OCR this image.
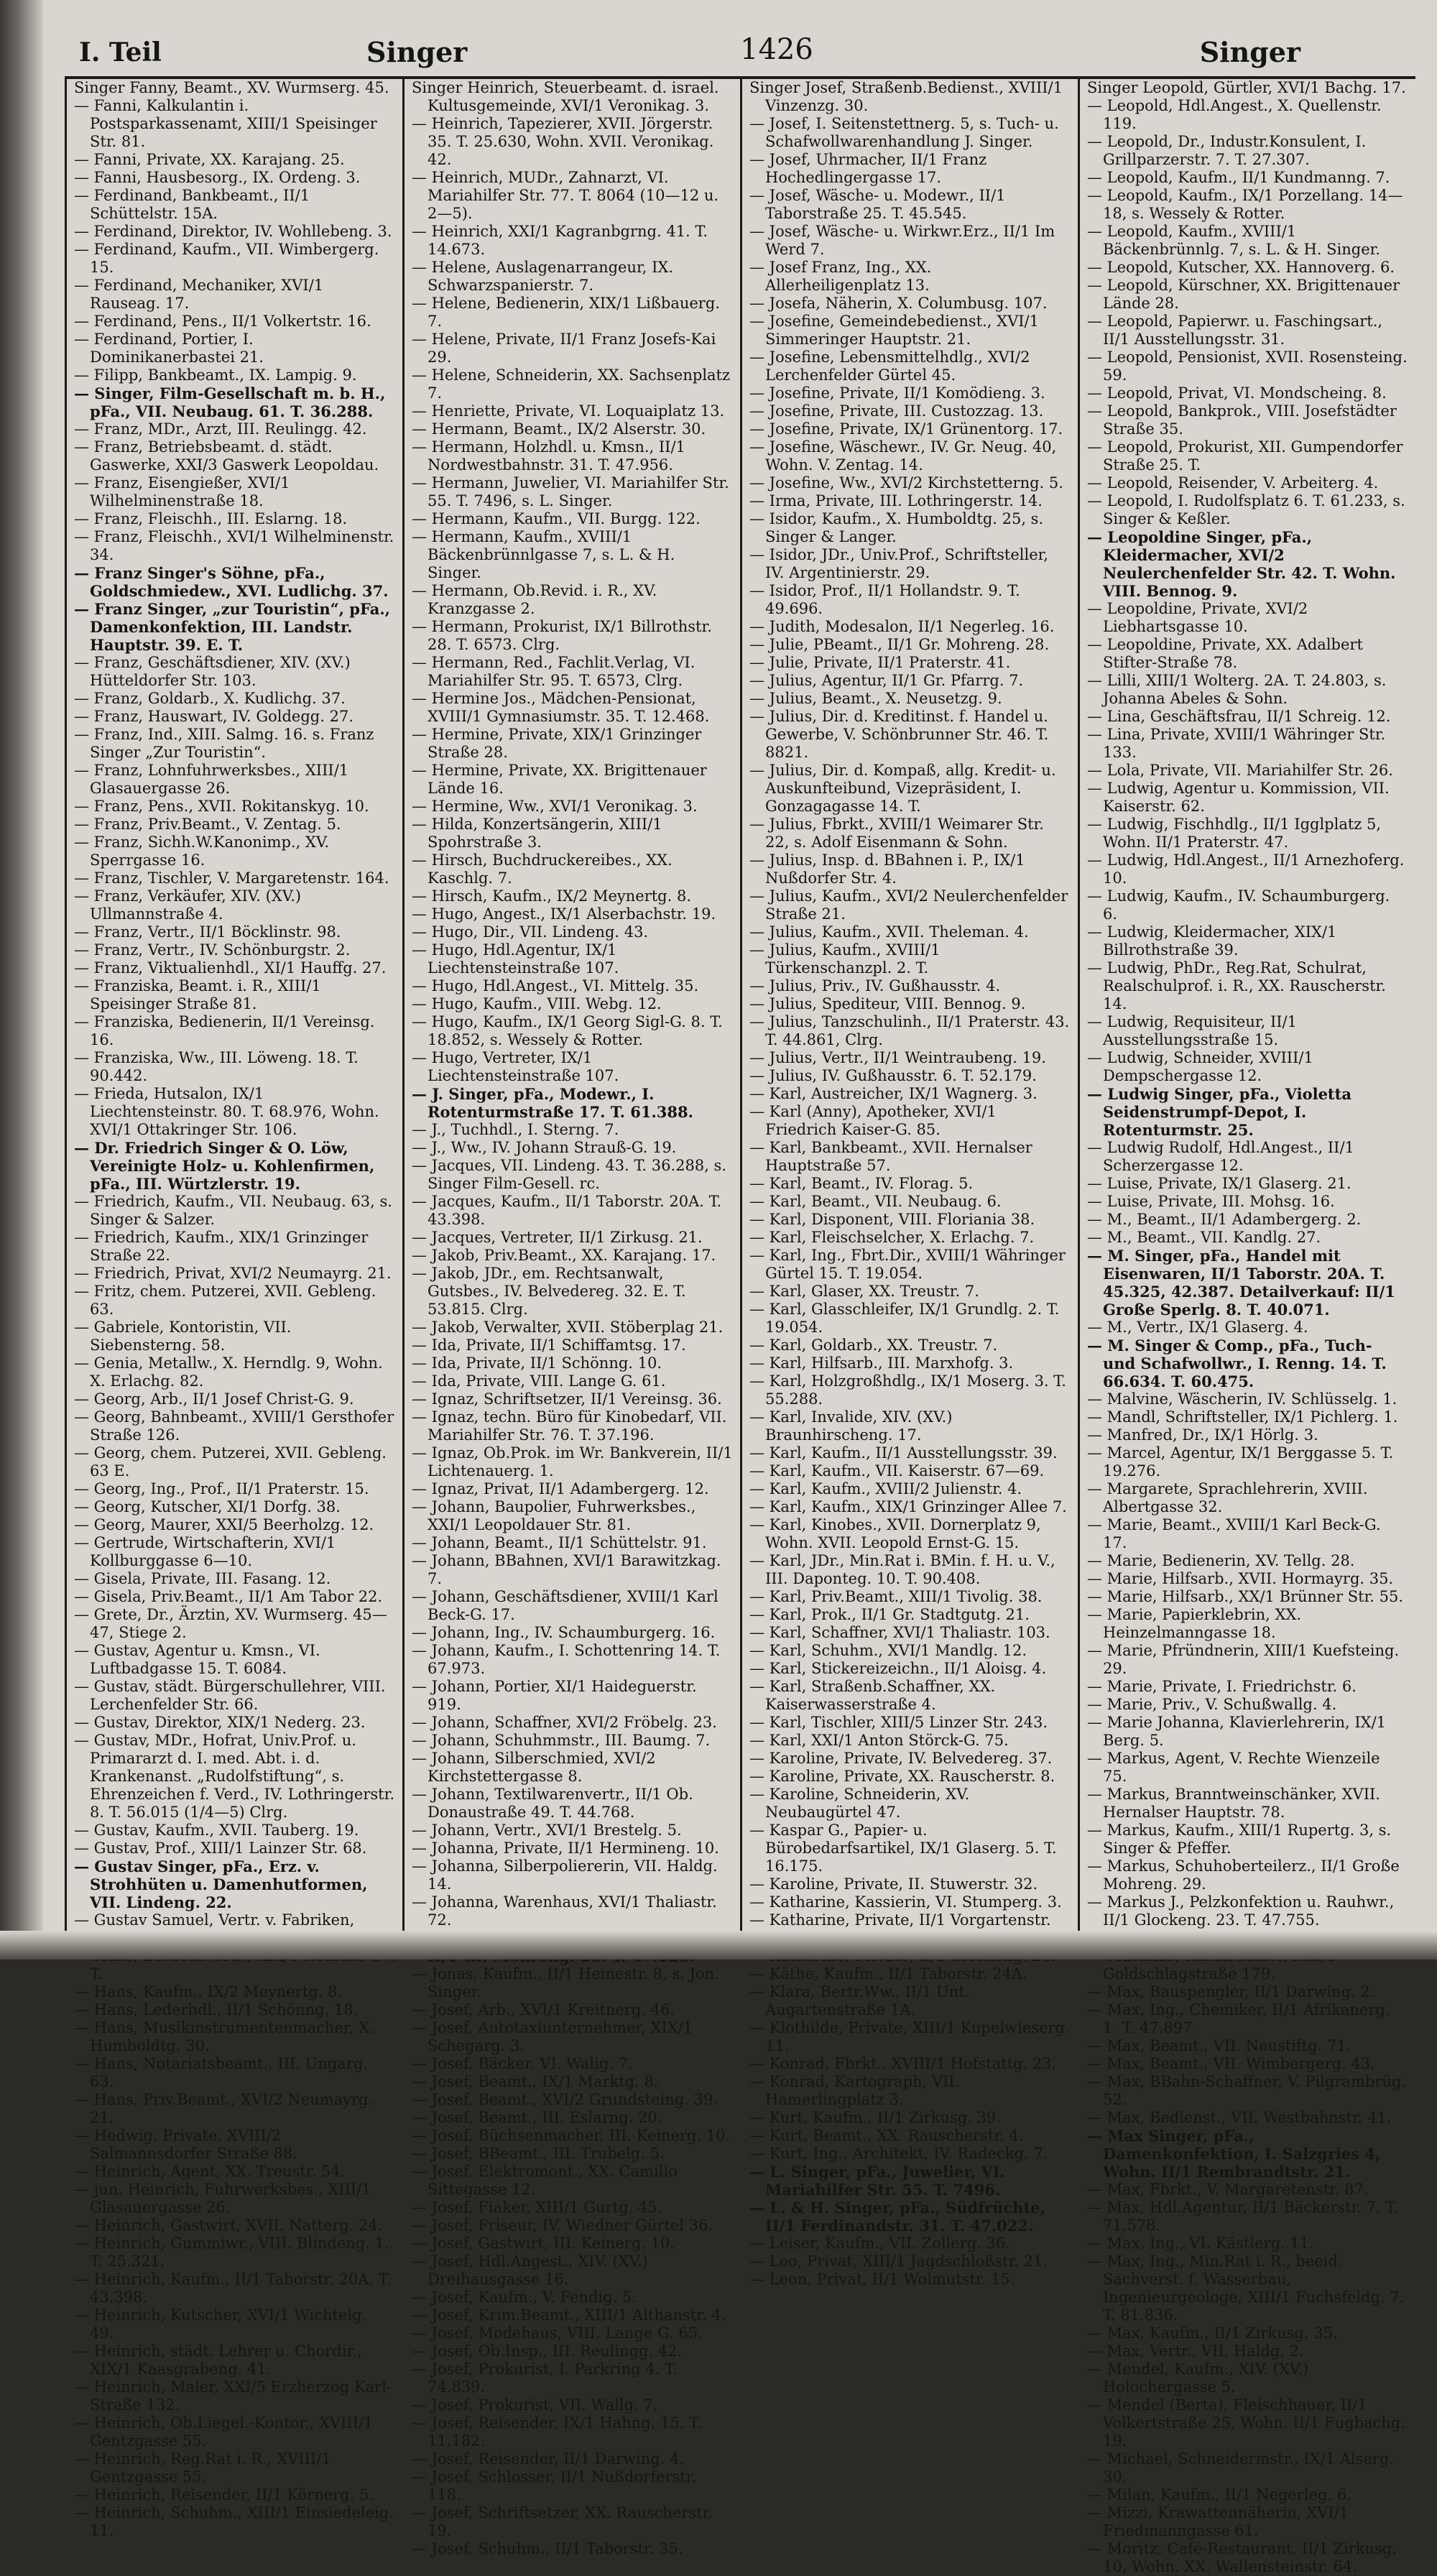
I. Teil	Singer	1426	Singer

Singer Fanny, Beamt., XV. Wurmserg. 45.

— Fanni, Kalkulantin i. Postsparkassenamt, XIII/1 Speisinger Str. 81.

— Fanni, Private, XX. Karajang. 25.

— Fanni, Hausbesorg., IX. Ordeng. 3.

— Ferdinand, Bankbeamt., II/1 Schüttelstr. 15A.

— Ferdinand, Direktor, IV. Wohllebeng. 3.

— Ferdinand, Kaufm., VII. Wimbergerg. 15.

— Ferdinand, Mechaniker, XVI/1 Rauseag. 17.

— Ferdinand, Pens., II/1 Volkertstr. 16.

— Ferdinand, Portier, I. Dominikanerbastei 21.

— Filipp, Bankbeamt., IX. Lampig. 9.

— Singer, Film-Gesellschaft m. b. H., pFa., VII. Neubaug. 61. T. 36.288.

— Franz, MDr., Arzt, III. Reulingg. 42.

— Franz, Betriebsbeamt. d. städt. Gaswerke, XXI/3 Gaswerk Leopoldau.

— Franz, Eisengießer, XVI/1 Wilhelminenstraße 18.

— Franz, Fleischh., III. Eslarng. 18.

— Franz, Fleischh., XVI/1 Wilhelminenstr. 34.

— Franz Singer's Söhne, pFa., Goldschmiedew., XVI. Ludlichg. 37.

— Franz Singer, „zur Touristin“, pFa., Damenkonfektion, III. Landstr. Hauptstr. 39. E. T.

— Franz, Geschäftsdiener, XIV. (XV.) Hütteldorfer Str. 103.

— Franz, Goldarb., X. Kudlichg. 37.

— Franz, Hauswart, IV. Goldegg. 27.

— Franz, Ind., XIII. Salmg. 16. s. Franz Singer „Zur Touristin“.

— Franz, Lohnfuhrwerksbes., XIII/1 Glasauergasse 26.

— Franz, Pens., XVII. Rokitanskyg. 10.

— Franz, Priv.Beamt., V. Zentag. 5.

— Franz, Sichh.W.Kanonimp., XV. Sperrgasse 16.

— Franz, Tischler, V. Margaretenstr. 164.

— Franz, Verkäufer, XIV. (XV.) Ullmannstraße 4.

— Franz, Vertr., II/1 Böcklinstr. 98.

— Franz, Vertr., IV. Schönburgstr. 2.

— Franz, Viktualienhdl., XI/1 Hauffg. 27.

— Franziska, Beamt. i. R., XIII/1 Speisinger Straße 81.

— Franziska, Bedienerin, II/1 Vereinsg. 16.

— Franziska, Ww., III. Löweng. 18. T. 90.442.

— Frieda, Hutsalon, IX/1 Liechtensteinstr. 80. T. 68.976, Wohn. XVI/1 Ottakringer Str. 106.

— Dr. Friedrich Singer & O. Löw, Vereinigte Holz- u. Kohlenfirmen, pFa., III. Würtzlerstr. 19.

— Friedrich, Kaufm., VII. Neubaug. 63, s. Singer & Salzer.

— Friedrich, Kaufm., XIX/1 Grinzinger Straße 22.

— Friedrich, Privat, XVI/2 Neumayrg. 21.

— Fritz, chem. Putzerei, XVII. Gebleng. 63.

— Gabriele, Kontoristin, VII. Siebensterng. 58.

— Genia, Metallw., X. Herndlg. 9, Wohn. X. Erlachg. 82.

— Georg, Arb., II/1 Josef Christ-G. 9.

— Georg, Bahnbeamt., XVIII/1 Gersthofer Straße 126.

— Georg, chem. Putzerei, XVII. Gebleng. 63 E.

— Georg, Ing., Prof., II/1 Praterstr. 15.

— Georg, Kutscher, XI/1 Dorfg. 38.

— Georg, Maurer, XXI/5 Beerholzg. 12.

— Gertrude, Wirtschafterin, XVI/1 Kollburggasse 6—10.

— Gisela, Private, III. Fasang. 12.

— Gisela, Priv.Beamt., II/1 Am Tabor 22.

— Grete, Dr., Ärztin, XV. Wurmserg. 45—47, Stiege 2.

— Gustav, Agentur u. Kmsn., VI. Luftbadgasse 15. T. 6084.

— Gustav, städt. Bürgerschullehrer, VIII. Lerchenfelder Str. 66.

— Gustav, Direktor, XIX/1 Nederg. 23.

— Gustav, MDr., Hofrat, Univ.Prof. u. Primararzt d. I. med. Abt. i. d. Krankenanst. „Rudolfstiftung“, s. Ehrenzeichen f. Verd., IV. Lothringerstr. 8. T. 56.015 (1/4—5) Clrg.

— Gustav, Kaufm., XVII. Tauberg. 19.

— Gustav, Prof., XIII/1 Lainzer Str. 68.

— Gustav Singer, pFa., Erz. v. Strohhüten u. Damenhutformen, VII. Lindeng. 22.

— Gustav Samuel, Vertr. v. Fabriken,

T.

— Hans, Kaufm., IX/2 Meynertg. 8.

— Hans, Lederhdl., II/1 Schönng. 18.

— Hans, Musikinstrumentenmacher, X. Humboldtg. 30.

— Hans, Notariatsbeamt., III. Ungarg. 63.

— Hans, Priv.Beamt., XVI/2 Neumayrg. 21.

— Hedwig, Private, XVIII/2 Salmannsdorfer Straße 88.

— Heinrich, Agent, XX. Treustr. 54.

— jun. Heinrich, Fuhrwerksbes., XIII/1 Glasauergasse 26.

— Heinrich, Gastwirt, XVII. Natterg. 24.

— Heinrich, Gummiwr., VIII. Blindeng. 1. T. 25.321.

— Heinrich, Kaufm., II/1 Taborstr. 20A. T. 43.398.

— Heinrich, Kutscher, XVI/1 Wichtelg. 49.

— Heinrich, städt. Lehrer u. Chordir., XIX/1 Kaasgrabeng. 41.

— Heinrich, Maler, XXI/5 Erzherzog Karl-Straße 132.

— Heinrich, Ob.Liegel.-Kontor., XVIII/1 Gentzgasse 55.

— Heinrich, Reg.Rat i. R., XVIII/1 Gentzgasse 55.

— Heinrich, Reisender, II/1 Körnerg. 5.

— Heinrich, Schuhm., XIII/1 Einsiedeleig. 11.

Singer Heinrich, Steuerbeamt. d. israel. Kultusgemeinde, XVI/1 Veronikag. 3.

— Heinrich, Tapezierer, XVII. Jörgerstr. 35. T. 25.630, Wohn. XVII. Veronikag. 42.

— Heinrich, MUDr., Zahnarzt, VI. Mariahilfer Str. 77. T. 8064 (10—12 u. 2—5).

— Heinrich, XXI/1 Kagranbgrng. 41. T. 14.673.

— Helene, Auslagenarrangeur, IX. Schwarzspanierstr. 7.

— Helene, Bedienerin, XIX/1 Lißbauerg. 7.

— Helene, Private, II/1 Franz Josefs-Kai 29.

— Helene, Schneiderin, XX. Sachsenplatz 7.

— Henriette, Private, VI. Loquaiplatz 13.

— Hermann, Beamt., IX/2 Alserstr. 30.

— Hermann, Holzhdl. u. Kmsn., II/1 Nordwestbahnstr. 31. T. 47.956.

— Hermann, Juwelier, VI. Mariahilfer Str. 55. T. 7496, s. L. Singer.

— Hermann, Kaufm., VII. Burgg. 122.

— Hermann, Kaufm., XVIII/1 Bäckenbrünnlgasse 7, s. L. & H. Singer.

— Hermann, Ob.Revid. i. R., XV. Kranzgasse 2.

— Hermann, Prokurist, IX/1 Billrothstr. 28. T. 6573. Clrg.

— Hermann, Red., Fachlit.Verlag, VI. Mariahilfer Str. 95. T. 6573, Clrg.

— Hermine Jos., Mädchen-Pensionat, XVIII/1 Gymnasiumstr. 35. T. 12.468.

— Hermine, Private, XIX/1 Grinzinger Straße 28.

— Hermine, Private, XX. Brigittenauer Lände 16.

— Hermine, Ww., XVI/1 Veronikag. 3.

— Hilda, Konzertsängerin, XIII/1 Spohrstraße 3.

— Hirsch, Buchdruckereibes., XX. Kaschlg. 7.

— Hirsch, Kaufm., IX/2 Meynertg. 8.

— Hugo, Angest., IX/1 Alserbachstr. 19.

— Hugo, Dir., VII. Lindeng. 43.

— Hugo, Hdl.Agentur, IX/1 Liechtensteinstraße 107.

— Hugo, Hdl.Angest., VI. Mittelg. 35.

— Hugo, Kaufm., VIII. Webg. 12.

— Hugo, Kaufm., IX/1 Georg Sigl-G. 8. T. 18.852, s. Wessely & Rotter.

— Hugo, Vertreter, IX/1 Liechtensteinstraße 107.

— J. Singer, pFa., Modewr., I. Rotenturmstraße 17. T. 61.388.

— J., Tuchhdl., I. Sterng. 7.

— J., Ww., IV. Johann Strauß-G. 19.

— Jacques, VII. Lindeng. 43. T. 36.288, s. Singer Film-Gesell. rc.

— Jacques, Kaufm., II/1 Taborstr. 20A. T. 43.398.

— Jacques, Vertreter, II/1 Zirkusg. 21.

— Jakob, Priv.Beamt., XX. Karajang. 17.

— Jakob, JDr., em. Rechtsanwalt, Gutsbes., IV. Belvedereg. 32. E. T. 53.815. Clrg.

— Jakob, Verwalter, XVII. Stöberplag 21.

— Ida, Private, II/1 Schiffamtsg. 17.

— Ida, Private, II/1 Schönng. 10.

— Ida, Private, VIII. Lange G. 61.

— Ignaz, Schriftsetzer, II/1 Vereinsg. 36.

— Ignaz, techn. Büro für Kinobedarf, VII. Mariahilfer Str. 76. T. 37.196.

— Ignaz, Ob.Prok. im Wr. Bankverein, II/1 Lichtenauerg. 1.

— Ignaz, Privat, II/1 Adambergerg. 12.

— Johann, Baupolier, Fuhrwerksbes., XXI/1 Leopoldauer Str. 81.

— Johann, Beamt., II/1 Schüttelstr. 91.

— Johann, BBahnen, XVI/1 Barawitzkag. 7.

— Johann, Geschäftsdiener, XVIII/1 Karl Beck-G. 17.

— Johann, Ing., IV. Schaumburgerg. 16.

— Johann, Kaufm., I. Schottenring 14. T. 67.973.

— Johann, Portier, XI/1 Haideguerstr. 919.

— Johann, Schaffner, XVI/2 Fröbelg. 23.

— Johann, Schuhmmstr., III. Baumg. 7.

— Johann, Silberschmied, XVI/2 Kirchstettergasse 8.

— Johann, Textilwarenvertr., II/1 Ob. Donaustraße 49. T. 44.768.

— Johann, Vertr., XVI/1 Brestelg. 5.

— Johanna, Private, II/1 Hermineng. 10.

— Johanna, Silberpoliererin, VII. Haldg. 14.

— Johanna, Warenhaus, XVI/1 Thaliastr. 72.

— Jonas, Kaufm., II/1 Heinestr. 8, s. Jon. Singer.

— Josef, Arb., XVI/1 Kreitnerg. 46.

— Josef, Autotaxiunternehmer, XIX/1 Schegarg. 3.

— Josef, Bäcker, VI. Walig. 7.

— Josef, Beamt., IX/1 Marktg. 8.

— Josef, Beamt., XVI/2 Grundsteing. 39.

— Josef, Beamt., III. Eslarng. 20.

— Josef, Büchsenmacher, III. Keinerg. 10.

— Josef, BBeamt., III. Trubelg. 5.

— Josef, Elektromont., XX. Camillo Sittegasse 12.

— Josef, Fiaker, XIII/1 Gurtg. 45.

— Josef, Friseur, IV. Wiedner Gürtel 36.

— Josef, Gastwirt, III. Keinerg. 10.

— Josef, Hdl.Angest., XIV. (XV.) Dreihausgasse 16.

— Josef, Kaufm., V. Fendig. 5.

— Josef, Krim.Beamt., XIII/1 Althanstr. 4.

— Josef, Modehaus, VIII. Lange G. 65.

— Josef, Ob.Insp., III. Reulingg. 42.

— Josef, Prokurist, I. Parkring 4. T. 74.839.

— Josef, Prokurist, VII. Wallg. 7.

— Josef, Reisender, IX/1 Hahng. 15. T. 11.182.

— Josef, Reisender, II/1 Darwing. 4.

— Josef, Schlosser, II/1 Nußdorferstr. 118.

— Josef, Schriftsetzer, XX. Rauscherstr. 19.

— Josef, Schuhm., II/1 Taborstr. 35.

Singer Josef, Straßenb.Bedienst., XVIII/1 Vinzenzg. 30.

— Josef, I. Seitenstettnerg. 5, s. Tuch- u. Schafwollwarenhandlung J. Singer.

— Josef, Uhrmacher, II/1 Franz Hochedlingergasse 17.

— Josef, Wäsche- u. Modewr., II/1 Taborstraße 25. T. 45.545.

— Josef, Wäsche- u. Wirkwr.Erz., II/1 Im Werd 7.

— Josef Franz, Ing., XX. Allerheiligenplatz 13.

— Josefa, Näherin, X. Columbusg. 107.

— Josefine, Gemeindebedienst., XVI/1 Simmeringer Hauptstr. 21.

— Josefine, Lebensmittelhdlg., XVI/2 Lerchenfelder Gürtel 45.

— Josefine, Private, II/1 Komödieng. 3.

— Josefine, Private, III. Custozzag. 13.

— Josefine, Private, IX/1 Grünentorg. 17.

— Josefine, Wäschewr., IV. Gr. Neug. 40, Wohn. V. Zentag. 14.

— Josefine, Ww., XVI/2 Kirchstetterng. 5.

— Irma, Private, III. Lothringerstr. 14.

— Isidor, Kaufm., X. Humboldtg. 25, s. Singer & Langer.

— Isidor, JDr., Univ.Prof., Schriftsteller, IV. Argentinierstr. 29.

— Isidor, Prof., II/1 Hollandstr. 9. T. 49.696.

— Judith, Modesalon, II/1 Negerleg. 16.

— Julie, PBeamt., II/1 Gr. Mohreng. 28.

— Julie, Private, II/1 Praterstr. 41.

— Julius, Agentur, II/1 Gr. Pfarrg. 7.

— Julius, Beamt., X. Neusetzg. 9.

— Julius, Dir. d. Kreditinst. f. Handel u. Gewerbe, V. Schönbrunner Str. 46. T. 8821.

— Julius, Dir. d. Kompaß, allg. Kredit- u. Auskunfteibund, Vizepräsident, I. Gonzagagasse 14. T.

— Julius, Fbrkt., XVIII/1 Weimarer Str. 22, s. Adolf Eisenmann & Sohn.

— Julius, Insp. d. BBahnen i. P., IX/1 Nußdorfer Str. 4.

— Julius, Kaufm., XVI/2 Neulerchenfelder Straße 21.

— Julius, Kaufm., XVII. Theleman. 4.

— Julius, Kaufm., XVIII/1 Türkenschanzpl. 2. T.

— Julius, Priv., IV. Gußhausstr. 4.

— Julius, Spediteur, VIII. Bennog. 9.

— Julius, Tanzschulinh., II/1 Praterstr. 43. T. 44.861, Clrg.

— Julius, Vertr., II/1 Weintraubeng. 19.

— Julius, IV. Gußhausstr. 6. T. 52.179.

— Karl, Austreicher, IX/1 Wagnerg. 3.

— Karl (Anny), Apotheker, XVI/1 Friedrich Kaiser-G. 85.

— Karl, Bankbeamt., XVII. Hernalser Hauptstraße 57.

— Karl, Beamt., IV. Florag. 5.

— Karl, Beamt., VII. Neubaug. 6.

— Karl, Disponent, VIII. Floriania 38.

— Karl, Fleischselcher, X. Erlachg. 7.

— Karl, Ing., Fbrt.Dir., XVIII/1 Währinger Gürtel 15. T. 19.054.

— Karl, Glaser, XX. Treustr. 7.

— Karl, Glasschleifer, IX/1 Grundlg. 2. T. 19.054.

— Karl, Goldarb., XX. Treustr. 7.

— Karl, Hilfsarb., III. Marxhofg. 3.

— Karl, Holzgroßhdlg., IX/1 Moserg. 3. T. 55.288.

— Karl, Invalide, XIV. (XV.) Braunhirscheng. 17.

— Karl, Kaufm., II/1 Ausstellungsstr. 39.

— Karl, Kaufm., VII. Kaiserstr. 67—69.

— Karl, Kaufm., XVIII/2 Julienstr. 4.

— Karl, Kaufm., XIX/1 Grinzinger Allee 7.

— Karl, Kinobes., XVII. Dornerplatz 9, Wohn. XVII. Leopold Ernst-G. 15.

— Karl, JDr., Min.Rat i. BMin. f. H. u. V., III. Daponteg. 10. T. 90.408.

— Karl, Priv.Beamt., XIII/1 Tivolig. 38.

— Karl, Prok., II/1 Gr. Stadtgutg. 21.

— Karl, Schaffner, XVI/1 Thaliastr. 103.

— Karl, Schuhm., XVI/1 Mandlg. 12.

— Karl, Stickereizeichn., II/1 Aloisg. 4.

— Karl, Straßenb.Schaffner, XX. Kaiserwasserstraße 4.

— Karl, Tischler, XIII/5 Linzer Str. 243.

— Karl, XXI/1 Anton Störck-G. 75.

— Karoline, Private, IV. Belvedereg. 37.

— Karoline, Private, XX. Rauscherstr. 8.

— Karoline, Schneiderin, XV. Neubaugürtel 47.

— Kaspar G., Papier- u. Bürobedarfsartikel, IX/1 Glaserg. 5. T. 16.175.

— Karoline, Private, II. Stuwerstr. 32.

— Katharine, Kassierin, VI. Stumperg. 3.

— Katharine, Private, II/1 Vorgartenstr.

— Käthe, Kaufm., II/1 Taborstr. 24A.

— Klara, Bertr.Ww., II/1 Unt. Augartenstraße 1A.

— Klothilde, Private, XIII/1 Kupelwieserg. 11.

— Konrad, Fbrkt., XVIII/1 Hofstattg. 23.

— Konrad, Kartograph, VII. Hamerlingplatz 3.

— Kurt, Kaufm., II/1 Zirkusg. 39.

— Kurt, Beamt., XX. Rauscherstr. 4.

— Kurt, Ing., Architekt, IV. Radeckg. 7.

— L. Singer, pFa., Juwelier, VI. Mariahilfer Str. 55. T. 7496.

— L. & H. Singer, pFa., Südfrüchte, II/1 Ferdinandstr. 31. T. 47.022.

— Leiser, Kaufm., VII. Zollerg. 36.

— Leo, Privat, XIII/1 Jagdschloßstr. 21.

— Leon, Privat, II/1 Wolmutstr. 15.

Singer Leopold, Gürtler, XVI/1 Bachg. 17.

— Leopold, Hdl.Angest., X. Quellenstr. 119.

— Leopold, Dr., Industr.Konsulent, I. Grillparzerstr. 7. T. 27.307.

— Leopold, Kaufm., II/1 Kundmanng. 7.

— Leopold, Kaufm., IX/1 Porzellang. 14—18, s. Wessely & Rotter.

— Leopold, Kaufm., XVIII/1 Bäckenbrünnlg. 7, s. L. & H. Singer.

— Leopold, Kutscher, XX. Hannoverg. 6.

— Leopold, Kürschner, XX. Brigittenauer Lände 28.

— Leopold, Papierwr. u. Faschingsart., II/1 Ausstellungsstr. 31.

— Leopold, Pensionist, XVII. Rosensteing. 59.

— Leopold, Privat, VI. Mondscheing. 8.

— Leopold, Bankprok., VIII. Josefstädter Straße 35.

— Leopold, Prokurist, XII. Gumpendorfer Straße 25. T.

— Leopold, Reisender, V. Arbeiterg. 4.

— Leopold, I. Rudolfsplatz 6. T. 61.233, s. Singer & Keßler.

— Leopoldine Singer, pFa., Kleidermacher, XVI/2 Neulerchenfelder Str. 42. T. Wohn. VIII. Bennog. 9.

— Leopoldine, Private, XVI/2 Liebhartsgasse 10.

— Leopoldine, Private, XX. Adalbert Stifter-Straße 78.

— Lilli, XIII/1 Wolterg. 2A. T. 24.803, s. Johanna Abeles & Sohn.

— Lina, Geschäftsfrau, II/1 Schreig. 12.

— Lina, Private, XVIII/1 Währinger Str. 133.

— Lola, Private, VII. Mariahilfer Str. 26.

— Ludwig, Agentur u. Kommission, VII. Kaiserstr. 62.

— Ludwig, Fischhdlg., II/1 Igglplatz 5, Wohn. II/1 Praterstr. 47.

— Ludwig, Hdl.Angest., II/1 Arnezhoferg. 10.

— Ludwig, Kaufm., IV. Schaumburgerg. 6.

— Ludwig, Kleidermacher, XIX/1 Billrothstraße 39.

— Ludwig, PhDr., Reg.Rat, Schulrat, Realschulprof. i. R., XX. Rauscherstr. 14.

— Ludwig, Requisiteur, II/1 Ausstellungsstraße 15.

— Ludwig, Schneider, XVIII/1 Dempschergasse 12.

— Ludwig Singer, pFa., Violetta Seidenstrumpf-Depot, I. Rotenturmstr. 25.

— Ludwig Rudolf, Hdl.Angest., II/1 Scherzergasse 12.

— Luise, Private, IX/1 Glaserg. 21.

— Luise, Private, III. Mohsg. 16.

— M., Beamt., II/1 Adambergerg. 2.

— M., Beamt., VII. Kandlg. 27.

— M. Singer, pFa., Handel mit Eisenwaren, II/1 Taborstr. 20A. T. 45.325, 42.387. Detailverkauf: II/1 Große Sperlg. 8. T. 40.071.

— M., Vertr., IX/1 Glaserg. 4.

— M. Singer & Comp., pFa., Tuch- und Schafwollwr., I. Renng. 14. T. 66.634. T. 60.475.

— Malvine, Wäscherin, IV. Schlüsselg. 1.

— Mandl, Schriftsteller, IX/1 Pichlerg. 1.

— Manfred, Dr., IX/1 Hörlg. 3.

— Marcel, Agentur, IX/1 Berggasse 5. T. 19.276.

— Margarete, Sprachlehrerin, XVIII. Albertgasse 32.

— Marie, Beamt., XVIII/1 Karl Beck-G. 17.

— Marie, Bedienerin, XV. Tellg. 28.

— Marie, Hilfsarb., XVII. Hormayrg. 35.

— Marie, Hilfsarb., XX/1 Brünner Str. 55.

— Marie, Papierklebrin, XX. Heinzelmanngasse 18.

— Marie, Pfründnerin, XIII/1 Kuefsteing. 29.

— Marie, Private, I. Friedrichstr. 6.

— Marie, Priv., V. Schußwallg. 4.

— Marie Johanna, Klavierlehrerin, IX/1 Berg. 5.

— Markus, Agent, V. Rechte Wienzeile 75.

— Markus, Branntweinschänker, XVII. Hernalser Hauptstr. 78.

— Markus, Kaufm., XIII/1 Rupertg. 3, s. Singer & Pfeffer.

— Markus, Schuhoberteilerz., II/1 Große Mohreng. 29.

— Markus J., Pelzkonfektion u. Rauhwr., II/1 Glockeng. 23. T. 47.755.

Goldschlagstraße 179.

— Max, Bauspengler, II/1 Darwing. 2.

— Max, Ing., Chemiker, II/1 Afrikanerg. 1. T. 47.897.

— Max, Beamt., VII. Neustiftg. 71.

— Max, Beamt., VII. Wimbergerg. 43.

— Max, BBahn-Schaffner, V. Pilgrambrüg. 52.

— Max, Bedienst., VII. Westbahnstr. 41.

— Max Singer, pFa., Damenkonfektion, I. Salzgries 4, Wohn. II/1 Rembrandtstr. 21.

— Max, Fbrkt., V. Margaretenstr. 87.

— Max, Hdl.Agentur, II/1 Bäckerstr. 7. T. 71.578.

— Max, Ing., VI. Kästlerg. 11.

— Max, Ing., Min.Rat i. R., beeid. Sachverst. f. Wasserbau, Ingenieurgeologe, XIII/1 Fuchsfeldg. 7. T. 81.836.

— Max, Kaufm., II/1 Zirkusg. 35.

— Max, Vertr., VII. Haldg. 2.

— Mendel, Kaufm., XIV. (XV.) Holochergasse 5.

— Mendel (Berta), Fleischhauer, II/1 Volkertstraße 25, Wohn. II/1 Fugbachg. 19.

— Michael, Schneidermstr., IX/1 Alserg. 30.

— Milan, Kaufm., II/1 Negerleg. 6.

— Mizzi, Krawattennäherin, XVI/1 Friedmanngasse 61.

— Moritz, Café-Restaurant, II/1 Zirkusg. 10, Wohn. XX. Wallensteinstr. 64.
